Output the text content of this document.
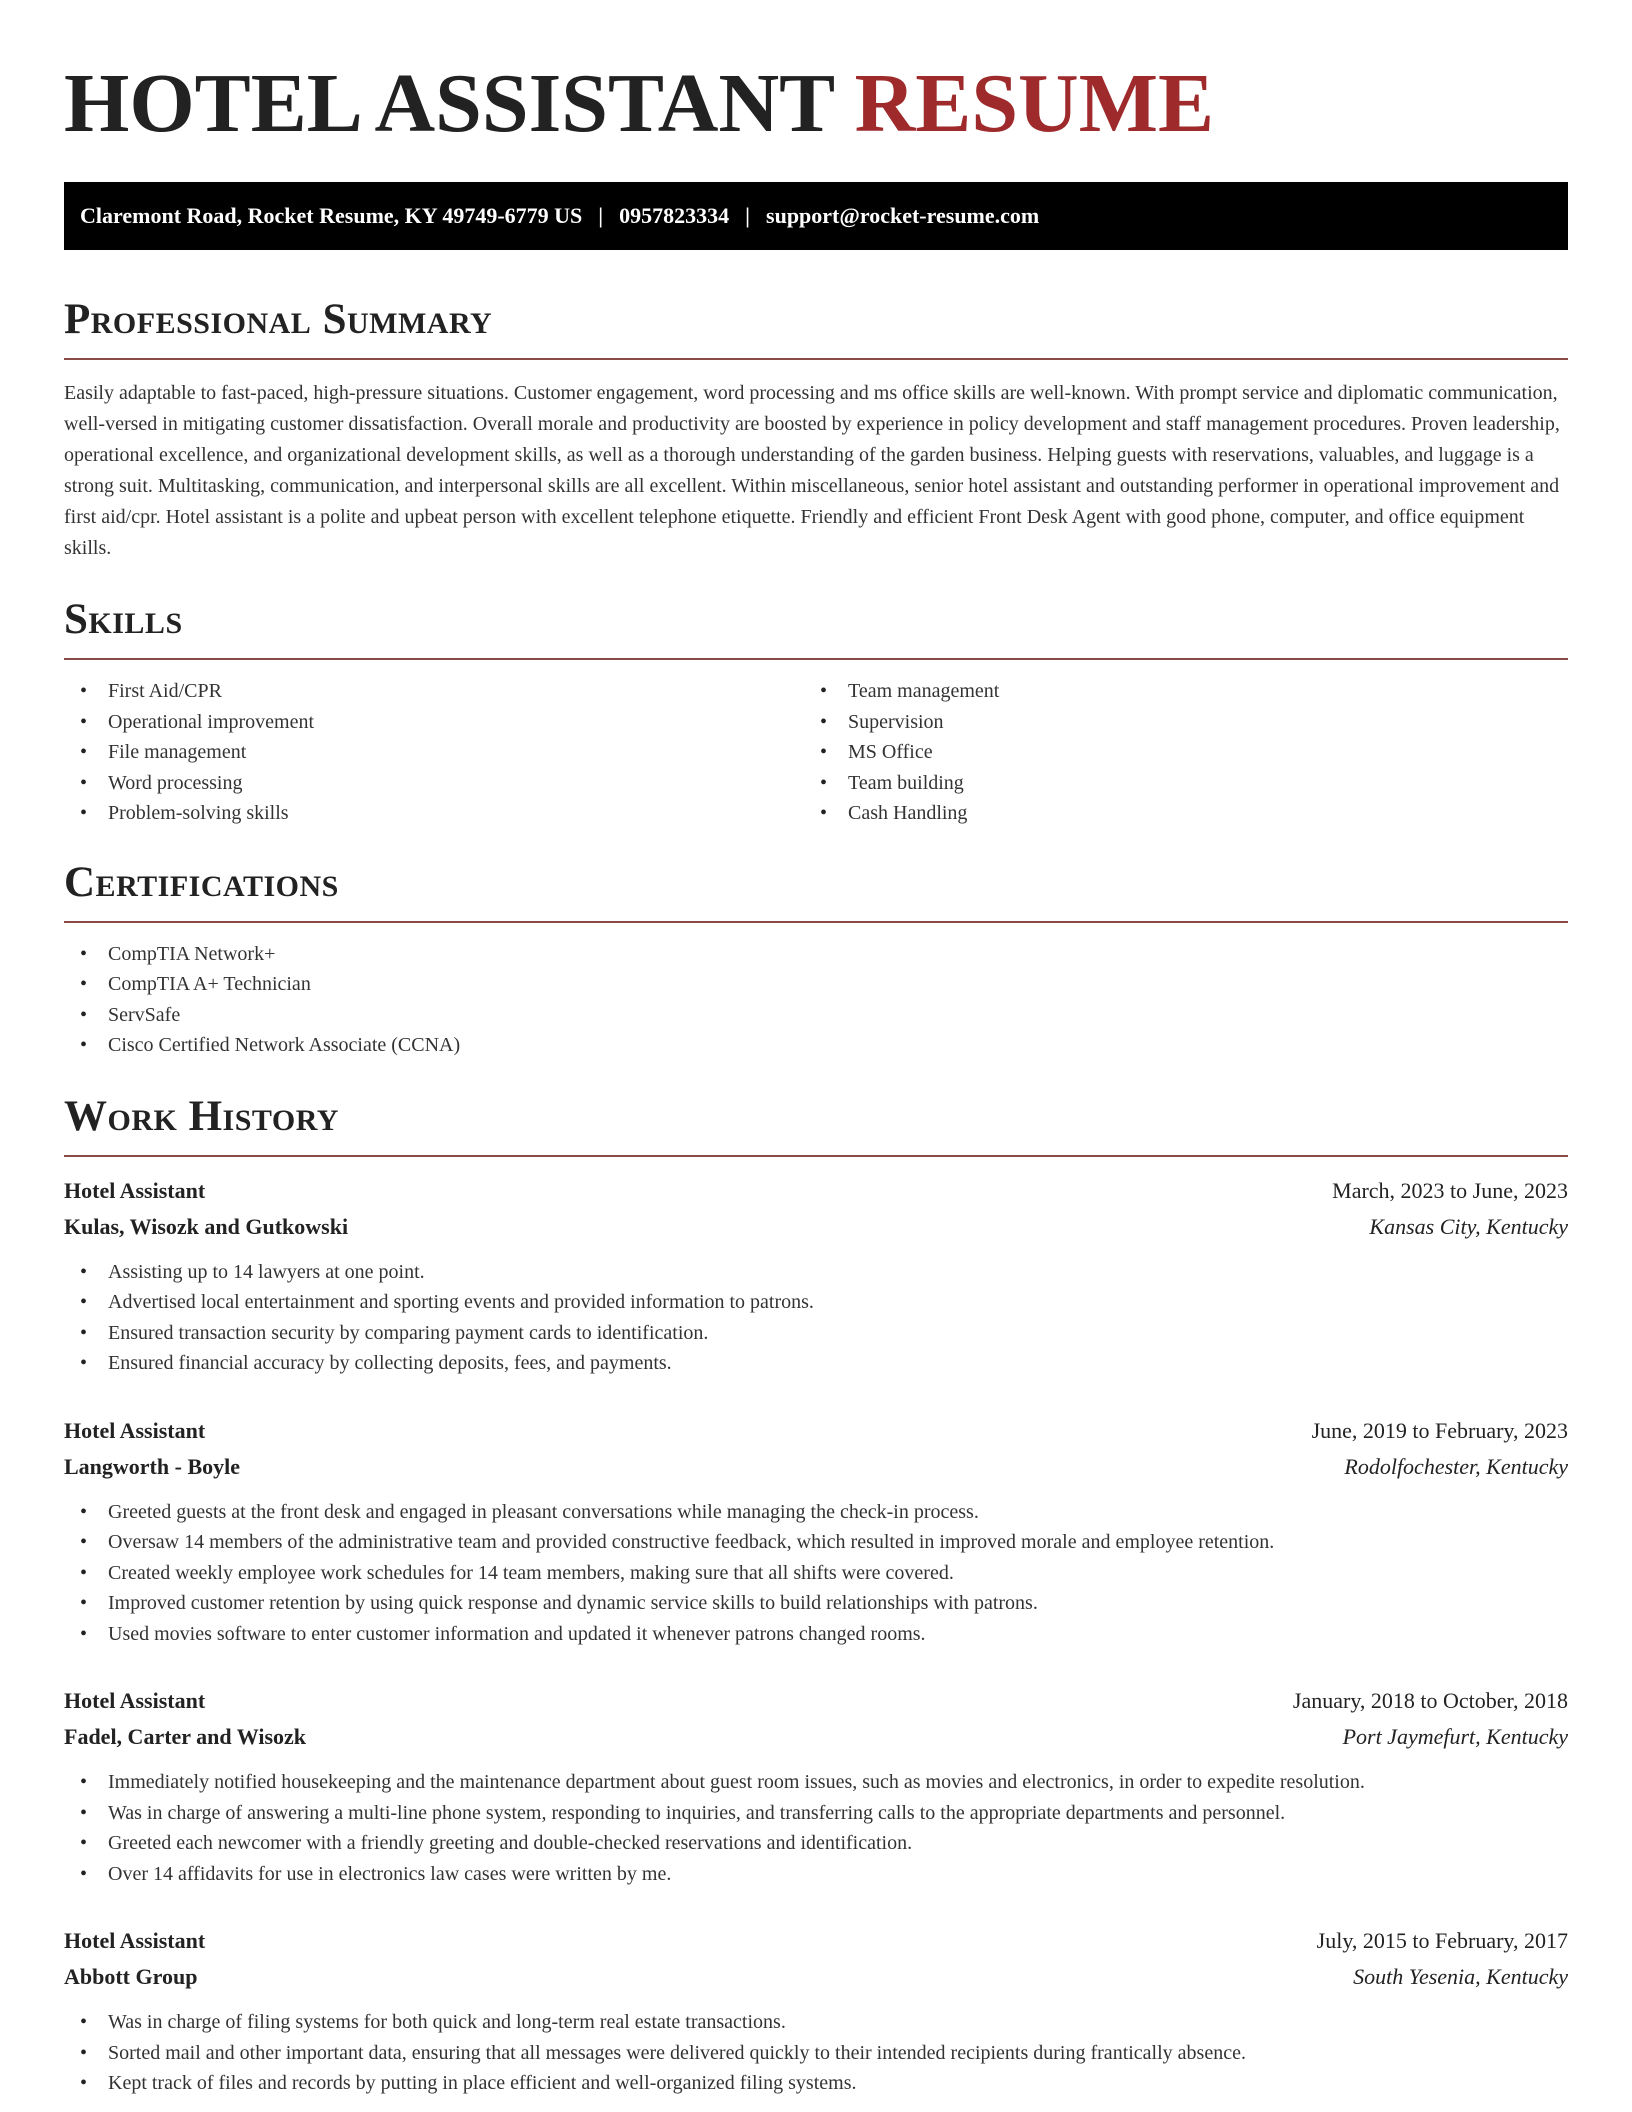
HOTEL ASSISTANT RESUME
Claremont Road, Rocket Resume, KY 49749-6779 US | 0957823334 | support@rocket-resume.com
Professional Summary

Easily adaptable to fast-paced, high-pressure situations. Customer engagement, word processing and ms office skills are well-known. With prompt service and diplomatic communication, well-versed in mitigating customer dissatisfaction. Overall morale and productivity are boosted by experience in policy development and staff management procedures. Proven leadership, operational excellence, and organizational development skills, as well as a thorough understanding of the garden business. Helping guests with reservations, valuables, and luggage is a strong suit. Multitasking, communication, and interpersonal skills are all excellent. Within miscellaneous, senior hotel assistant and outstanding performer in operational improvement and first aid/cpr. Hotel assistant is a polite and upbeat person with excellent telephone etiquette. Friendly and efficient Front Desk Agent with good phone, computer, and office equipment skills.

Skills
• First Aid/CPR
• Operational improvement
• File management
• Word processing
• Problem-solving skills
• Team management
• Supervision
• MS Office
• Team building
• Cash Handling
Certifications
• CompTIA Network+
• CompTIA A+ Technician
• ServSafe
• Cisco Certified Network Associate (CCNA)
Work History
Hotel Assistant	March, 2023 to June, 2023
Kulas, Wisozk and Gutkowski	Kansas City, Kentucky
• Assisting up to 14 lawyers at one point.
• Advertised local entertainment and sporting events and provided information to patrons.
• Ensured transaction security by comparing payment cards to identification.
• Ensured financial accuracy by collecting deposits, fees, and payments.
Hotel Assistant	June, 2019 to February, 2023
Langworth - Boyle	Rodolfochester, Kentucky
• Greeted guests at the front desk and engaged in pleasant conversations while managing the check-in process.
• Oversaw 14 members of the administrative team and provided constructive feedback, which resulted in improved morale and employee retention.
• Created weekly employee work schedules for 14 team members, making sure that all shifts were covered.
• Improved customer retention by using quick response and dynamic service skills to build relationships with patrons.
• Used movies software to enter customer information and updated it whenever patrons changed rooms.
Hotel Assistant	January, 2018 to October, 2018
Fadel, Carter and Wisozk	Port Jaymefurt, Kentucky
• Immediately notified housekeeping and the maintenance department about guest room issues, such as movies and electronics, in order to expedite resolution.
• Was in charge of answering a multi-line phone system, responding to inquiries, and transferring calls to the appropriate departments and personnel.
• Greeted each newcomer with a friendly greeting and double-checked reservations and identification.
• Over 14 affidavits for use in electronics law cases were written by me.
Hotel Assistant	July, 2015 to February, 2017
Abbott Group	South Yesenia, Kentucky
• Was in charge of filing systems for both quick and long-term real estate transactions.
• Sorted mail and other important data, ensuring that all messages were delivered quickly to their intended recipients during frantically absence.
• Kept track of files and records by putting in place efficient and well-organized filing systems.
